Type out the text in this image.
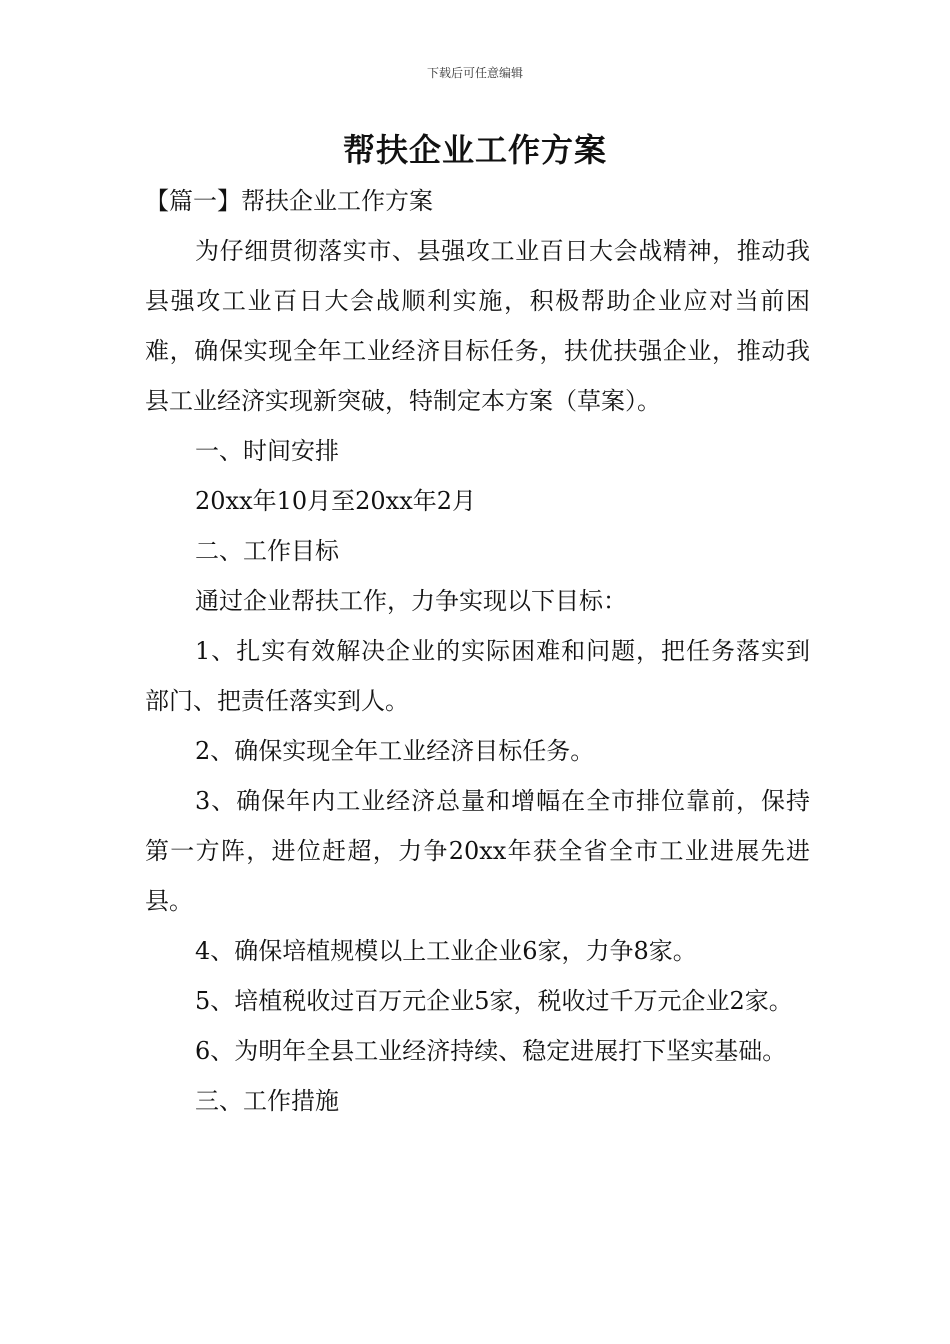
下载后可任意编辑
帮扶企业工作方案

【篇一】帮扶企业工作方案

为仔细贯彻落实市、县强攻工业百日大会战精神，推动我县强攻工业百日大会战顺利实施，积极帮助企业应对当前困难，确保实现全年工业经济目标任务，扶优扶强企业，推动我县工业经济实现新突破，特制定本方案（草案）。

一、时间安排

20xx年10月至20xx年2月

二、工作目标

通过企业帮扶工作，力争实现以下目标：

1、扎实有效解决企业的实际困难和问题，把任务落实到部门、把责任落实到人。

2、确保实现全年工业经济目标任务。

3、确保年内工业经济总量和增幅在全市排位靠前，保持第一方阵，进位赶超，力争20xx年获全省全市工业进展先进县。

4、确保培植规模以上工业企业6家，力争8家。

5、培植税收过百万元企业5家，税收过千万元企业2家。

6、为明年全县工业经济持续、稳定进展打下坚实基础。

三、工作措施
